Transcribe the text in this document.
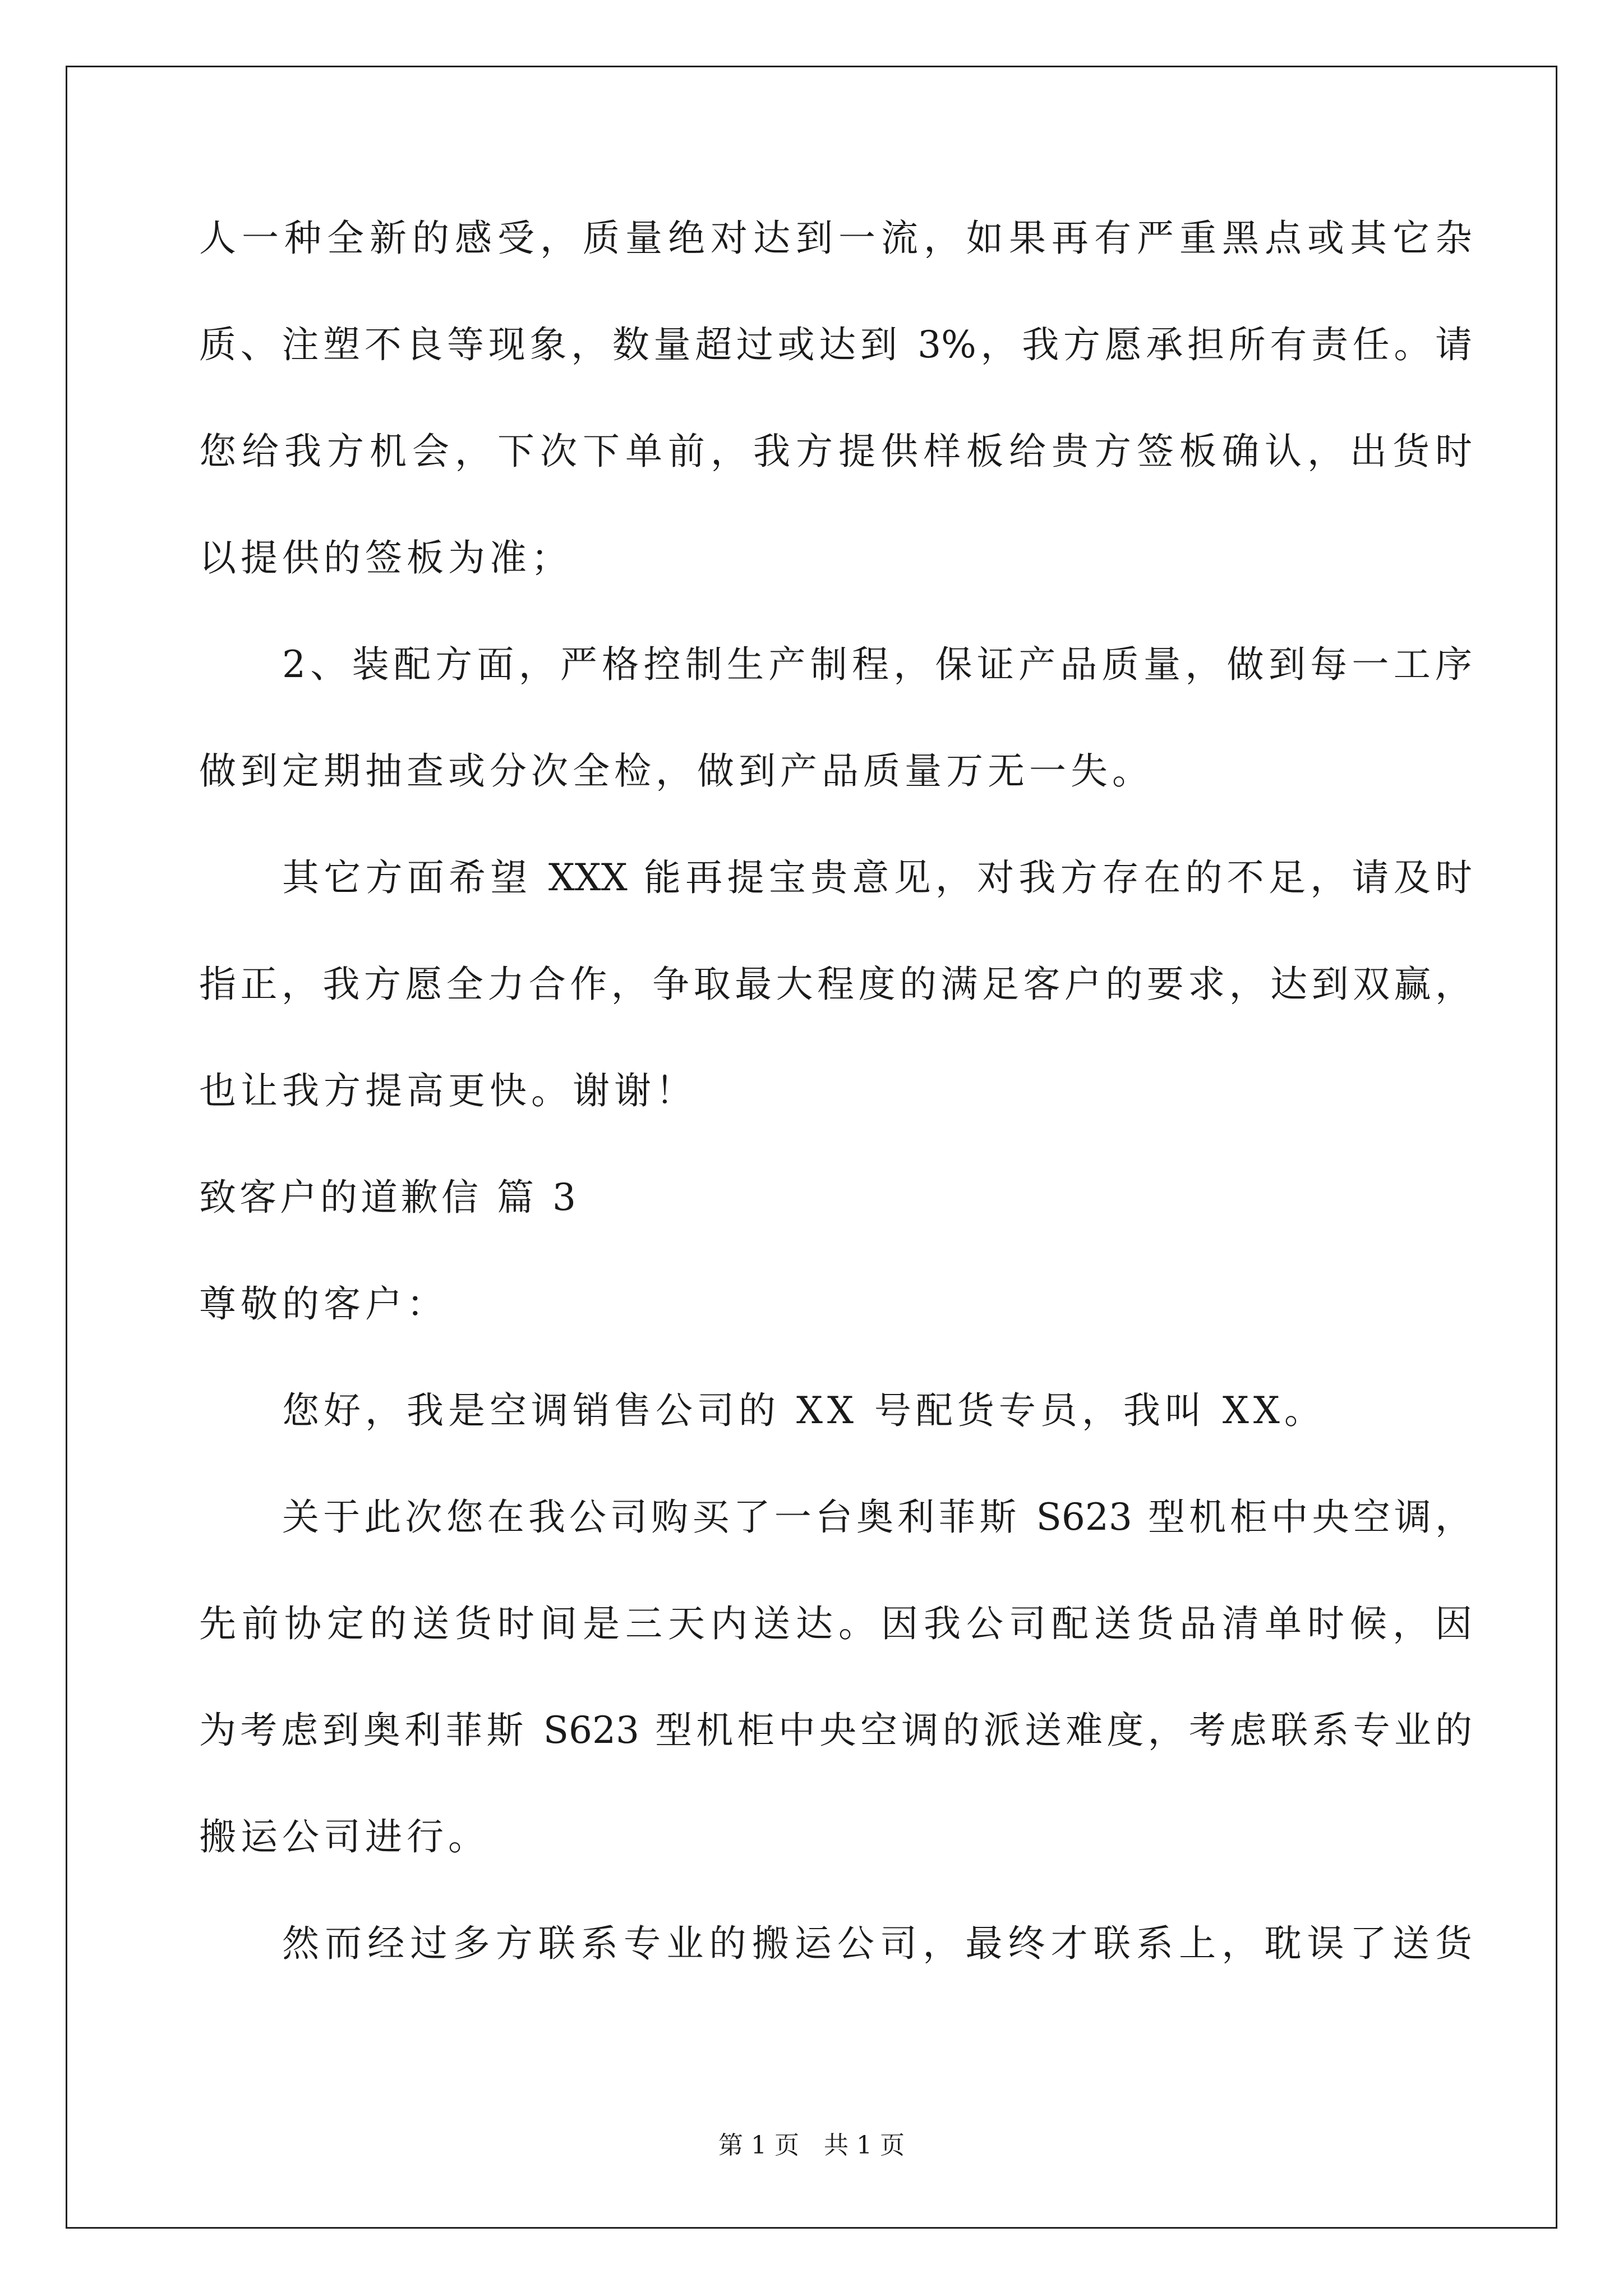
人一种全新的感受，质量绝对达到一流，如果再有严重黑点或其它杂
质、注塑不良等现象，数量超过或达到 3%，我方愿承担所有责任。请
您给我方机会，下次下单前，我方提供样板给贵方签板确认，出货时
以提供的签板为准；
2、装配方面，严格控制生产制程，保证产品质量，做到每一工序
做到定期抽查或分次全检，做到产品质量万无一失。
其它方面希望 XXX 能再提宝贵意见，对我方存在的不足，请及时
指正，我方愿全力合作，争取最大程度的满足客户的要求，达到双赢，
也让我方提高更快。谢谢！
致客户的道歉信 篇 3
尊敬的客户：
您好，我是空调销售公司的 XX 号配货专员，我叫 XX。
关于此次您在我公司购买了一台奥利菲斯 S623 型机柜中央空调，
先前协定的送货时间是三天内送达。因我公司配送货品清单时候，因
为考虑到奥利菲斯 S623 型机柜中央空调的派送难度，考虑联系专业的
搬运公司进行。
然而经过多方联系专业的搬运公司，最终才联系上，耽误了送货
第 1 页　共 1 页
